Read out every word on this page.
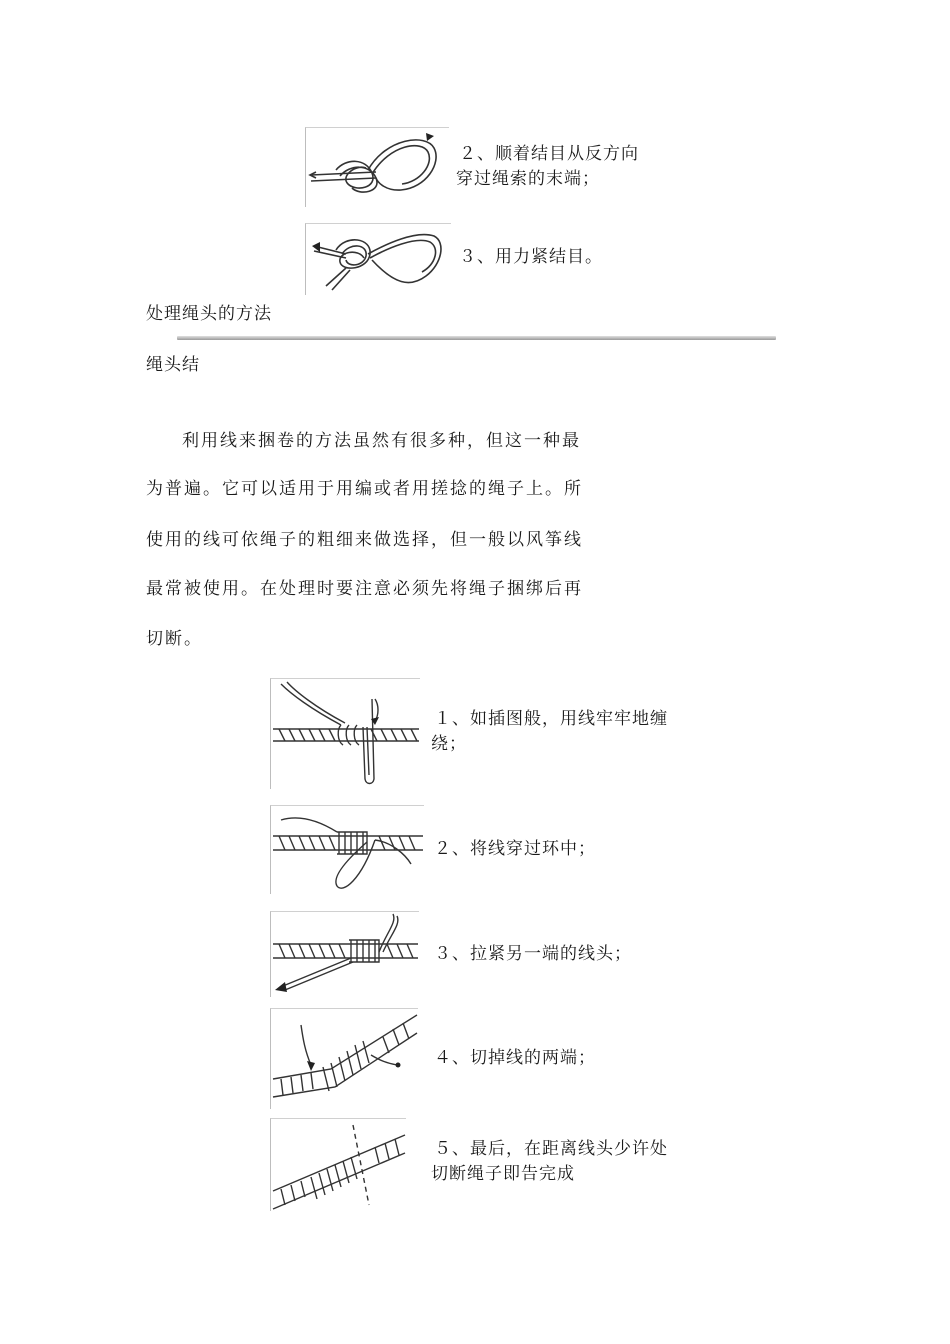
２、顺着结目从反方向
穿过绳索的末端；
３、用力紧结目。
处理绳头的方法
绳头结
利用线来捆卷的方法虽然有很多种，但这一种最
为普遍。它可以适用于用编或者用搓捻的绳子上。所
使用的线可依绳子的粗细来做选择，但一般以风筝线
最常被使用。在处理时要注意必须先将绳子捆绑后再
切断。
１、如插图般，用线牢牢地缠
绕；
２、将线穿过环中；
３、拉紧另一端的线头；
４、切掉线的两端；
５、最后，在距离线头少许处
切断绳子即告完成
